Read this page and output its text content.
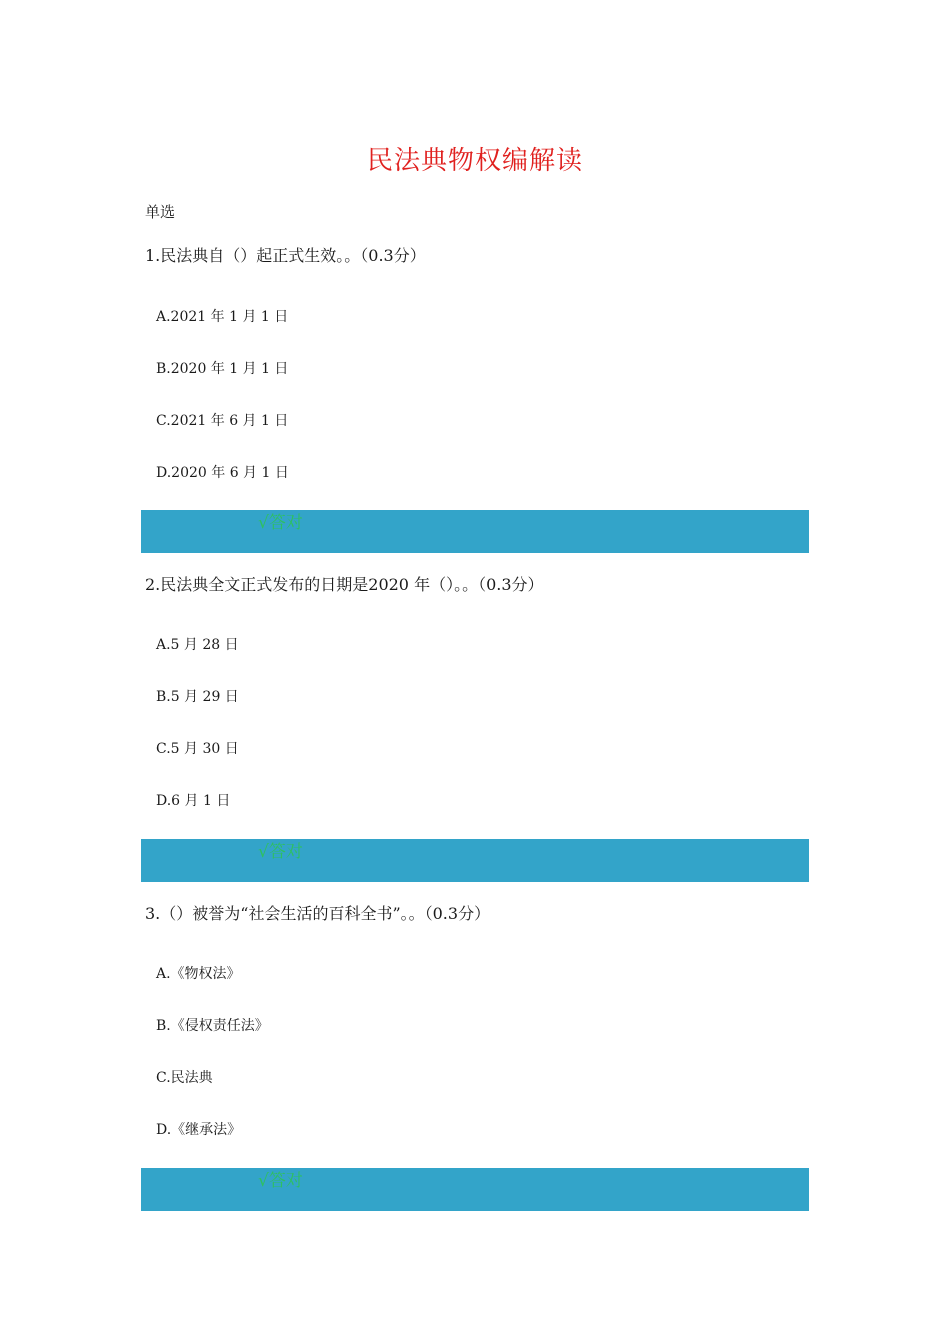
民法典物权编解读
单选
1.民法典自（）起正式生效。。（0.3分）
A.2021 年 1 月 1 日
B.2020 年 1 月 1 日
C.2021 年 6 月 1 日
D.2020 年 6 月 1 日
√答对
2.民法典全文正式发布的日期是2020 年（）。。（0.3分）
A.5 月 28 日
B.5 月 29 日
C.5 月 30 日
D.6 月 1 日
√答对
3.（）被誉为“社会生活的百科全书”。。（0.3分）
A.《物权法》
B.《侵权责任法》
C.民法典
D.《继承法》
√答对
